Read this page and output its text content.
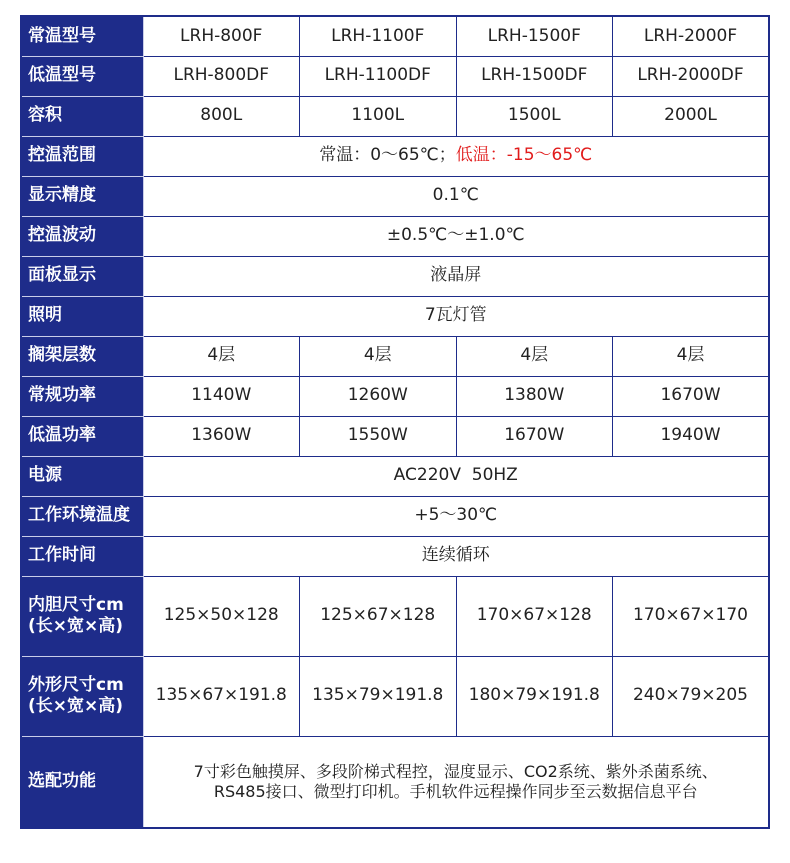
常温型号	LRH-800F	LRH-1100F	LRH-1500F	LRH-2000F
低温型号	LRH-800DF	LRH-1100DF	LRH-1500DF	LRH-2000DF
容积	800L	1100L	1500L	2000L
控温范围	常温：0～65℃；低温：-15～65℃			
显示精度	0.1℃			
控温波动	±0.5℃～±1.0℃			
面板显示	液晶屏			
照明	7瓦灯管			
搁架层数	4层	4层	4层	4层
常规功率	1140W	1260W	1380W	1670W
低温功率	1360W	1550W	1670W	1940W
电源	AC220V  50HZ			
工作环境温度	+5～30℃			
工作时间	连续循环			

内胆尺寸cm
(长×宽×高)	125×50×128	125×67×128	170×67×128	170×67×170

外形尺寸cm
(长×宽×高)	135×67×191.8	135×79×191.8	180×79×191.8	240×79×205
选配功能	7寸彩色触摸屏、多段阶梯式程控，湿度显示、CO2系统、紫外杀菌系统、
RS485接口、微型打印机。手机软件远程操作同步至云数据信息平台			
